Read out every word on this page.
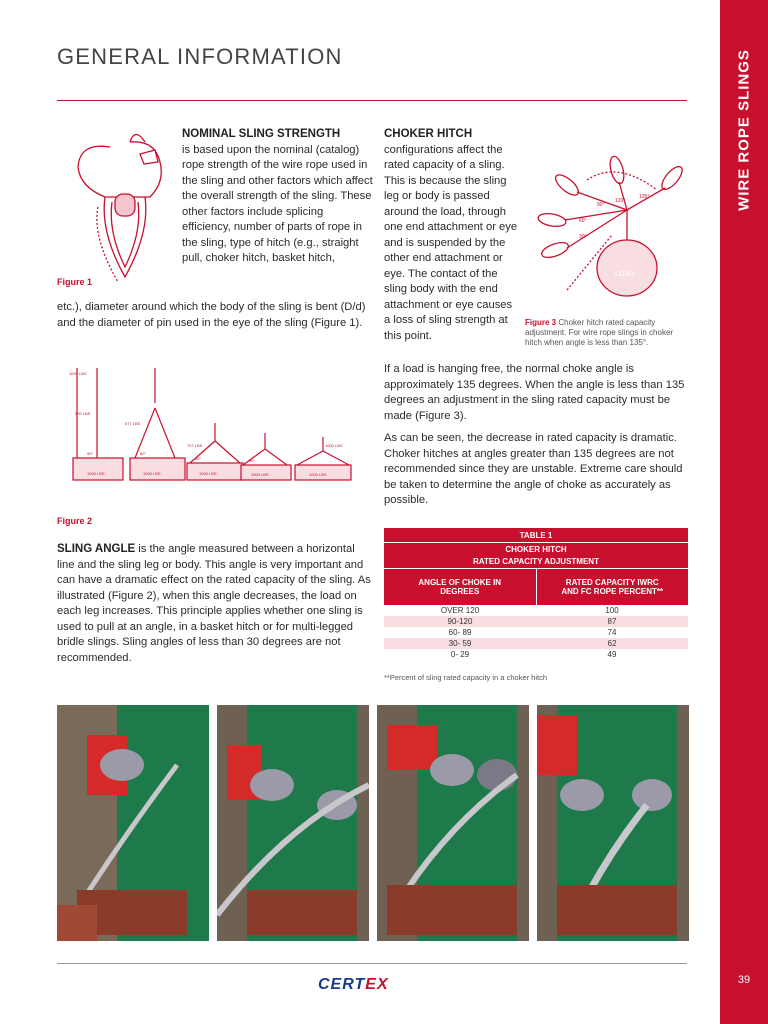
WIRE ROPE SLINGS
39
GENERAL INFORMATION
Figure 1
NOMINAL SLING STRENGTH
is based upon the nominal (catalog) rope strength of the wire rope used in the sling and other factors which affect the overall strength of the sling. These other factors include splicing efficiency, number of parts of rope in the sling, type of hitch (e.g., straight pull, choker hitch, basket hitch,
etc.), diameter around which the body of the sling is bent (D/d) and the diameter of pin used in the eye of the sling (Figure 1).
1000 LBS	1000 LBS	1000 LBS	1000 LBS	1000 LBS
90°	60°
45°	30°
500 LBS
577 LBS
707 LBS	1000 LBS
1000 LBS
Figure 2
SLING ANGLE is the angle measured between a horizontal line and the sling leg or body. This angle is very important and can have a dramatic effect on the rated capacity of the sling. As illustrated (Figure 2), when this angle decreases, the load on each leg increases. This principle applies whether one sling is used to pull at an angle, in a basket hitch or for multi-legged bridle slings. Sling angles of less than 30 degrees are not recommended.
CHOKER HITCH
configurations affect the rated capacity of a sling. This is because the sling leg or body is passed around the load, through one end attachment or eye and is suspended by the other end attachment or eye. The contact of the sling body with the end attachment or eye causes a loss of sling strength at this point.
LOAD
135°
120°
90°
60°
30°
Figure 3 Choker hitch rated capacity adjustment. For wire rope slings in choker hitch when angle is less than 135°.

If a load is hanging free, the normal choke angle is approximately 135 degrees. When the angle is less than 135 degrees an adjustment in the sling rated capacity must be made (Figure 3).

As can be seen, the decrease in rated capacity is dramatic. Choker hitches at angles greater than 135 degrees are not recommended since they are unstable. Extreme care should be taken to determine the angle of choke as accurately as possible.

TABLE 1	
CHOKER HITCH	
RATED CAPACITY ADJUSTMENT	
ANGLE OF CHOKE IN DEGREES	RATED CAPACITY IWRC AND FC ROPE PERCENT**
OVER 120	100
90-120	87
60- 89	74
30- 59	62
0- 29	49
**Percent of sling rated capacity in a choker hitch
CERTEX
